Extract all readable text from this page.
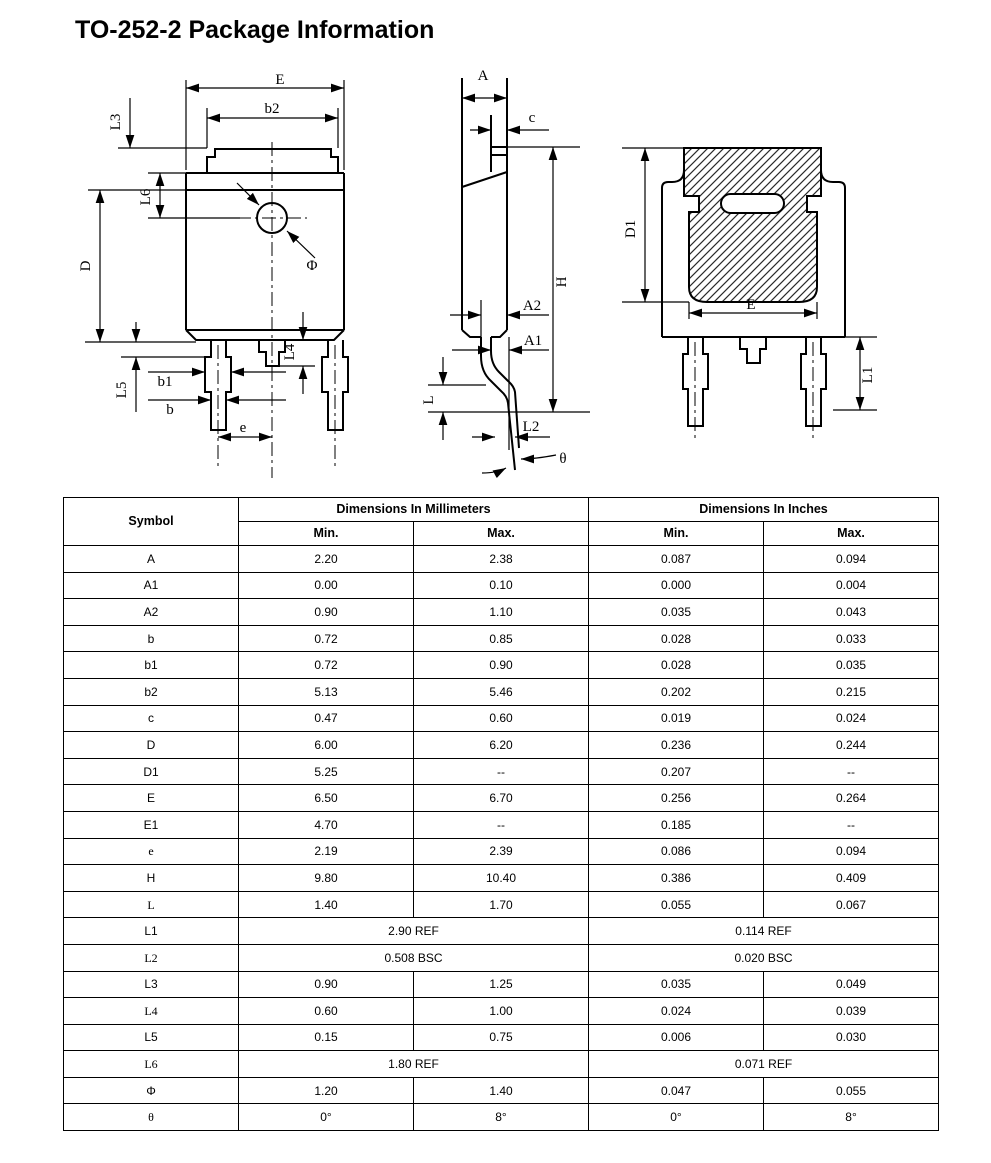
TO-252-2 Package Information
E
b2
L3
L6
D	Φ
L4
L5 b1
b
e
A
c
H
A2
A1
L
L2
θ
D1
E
L1
Symbol	Dimensions In Millimeters		Dimensions In Inches	
	Min.	Max.	Min.	Max.
A	2.20	2.38	0.087	0.094
A1	0.00	0.10	0.000	0.004
A2	0.90	1.10	0.035	0.043
b	0.72	0.85	0.028	0.033
b1	0.72	0.90	0.028	0.035
b2	5.13	5.46	0.202	0.215
c	0.47	0.60	0.019	0.024
D	6.00	6.20	0.236	0.244
D1	5.25	--	0.207	--
E	6.50	6.70	0.256	0.264
E1	4.70	--	0.185	--
e	2.19	2.39	0.086	0.094
H	9.80	10.40	0.386	0.409
L	1.40	1.70	0.055	0.067
L1	2.90 REF		0.114 REF	
L2	0.508 BSC		0.020 BSC	
L3	0.90	1.25	0.035	0.049
L4	0.60	1.00	0.024	0.039
L5	0.15	0.75	0.006	0.030
L6	1.80 REF		0.071 REF	
Φ	1.20	1.40	0.047	0.055
θ	0°	8°	0°	8°
